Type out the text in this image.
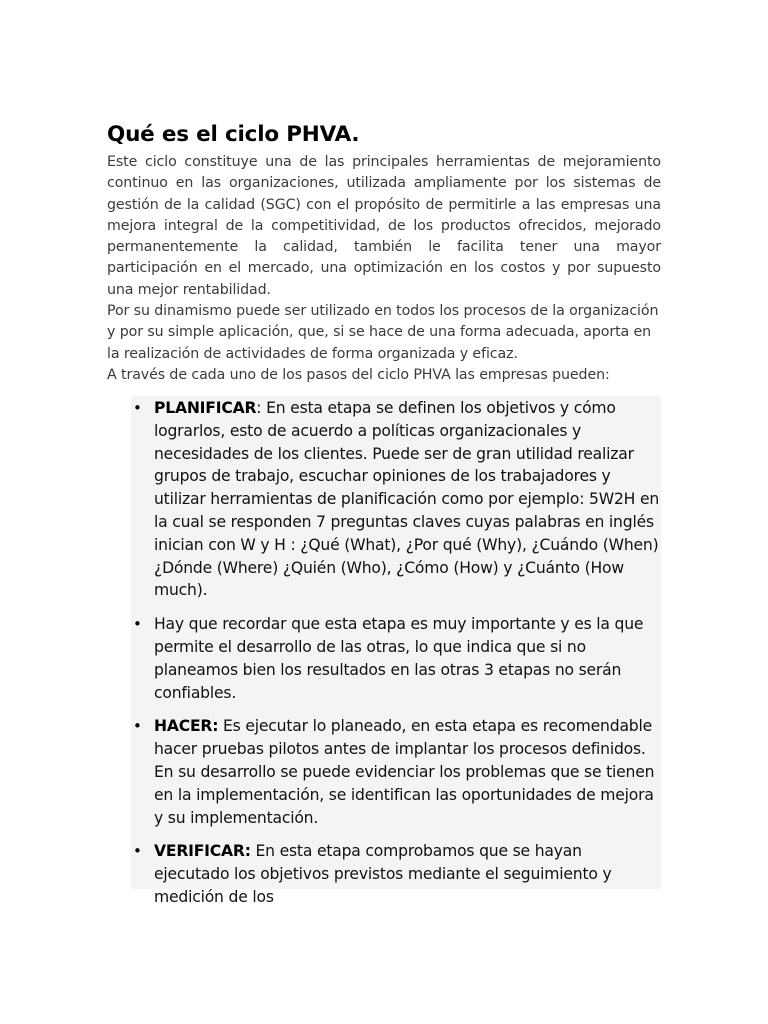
Qué es el ciclo PHVA.

Este ciclo constituye una de las principales herramientas de mejoramiento continuo en las organizaciones, utilizada ampliamente por los sistemas de gestión de la calidad (SGC) con el propósito de permitirle a las empresas una mejora integral de la competitividad, de los productos ofrecidos, mejorado permanentemente la calidad, también le facilita tener una mayor participación en el mercado, una optimización en los costos y por supuesto una mejor rentabilidad.

Por su dinamismo puede ser utilizado en todos los procesos de la organización y por su simple aplicación, que, si se hace de una forma adecuada, aporta en la realización de actividades de forma organizada y eficaz.

A través de cada uno de los pasos del ciclo PHVA las empresas pueden:

• PLANIFICAR: En esta etapa se definen los objetivos y cómo lograrlos, esto de acuerdo a políticas organizacionales y necesidades de los clientes. Puede ser de gran utilidad realizar grupos de trabajo, escuchar opiniones de los trabajadores y utilizar herramientas de planificación como por ejemplo: 5W2H en la cual se responden 7 preguntas claves cuyas palabras en inglés inician con W y H : ¿Qué (What), ¿Por qué (Why), ¿Cuándo (When) ¿Dónde (Where) ¿Quién (Who), ¿Cómo (How) y ¿Cuánto (How much).
• Hay que recordar que esta etapa es muy importante y es la que permite el desarrollo de las otras, lo que indica que si no planeamos bien los resultados en las otras 3 etapas no serán confiables.
• HACER: Es ejecutar lo planeado, en esta etapa es recomendable hacer pruebas pilotos antes de implantar los procesos definidos. En su desarrollo se puede evidenciar los problemas que se tienen en la implementación, se identifican las oportunidades de mejora y su implementación.
• VERIFICAR: En esta etapa comprobamos que se hayan ejecutado los objetivos previstos mediante el seguimiento y medición de los
